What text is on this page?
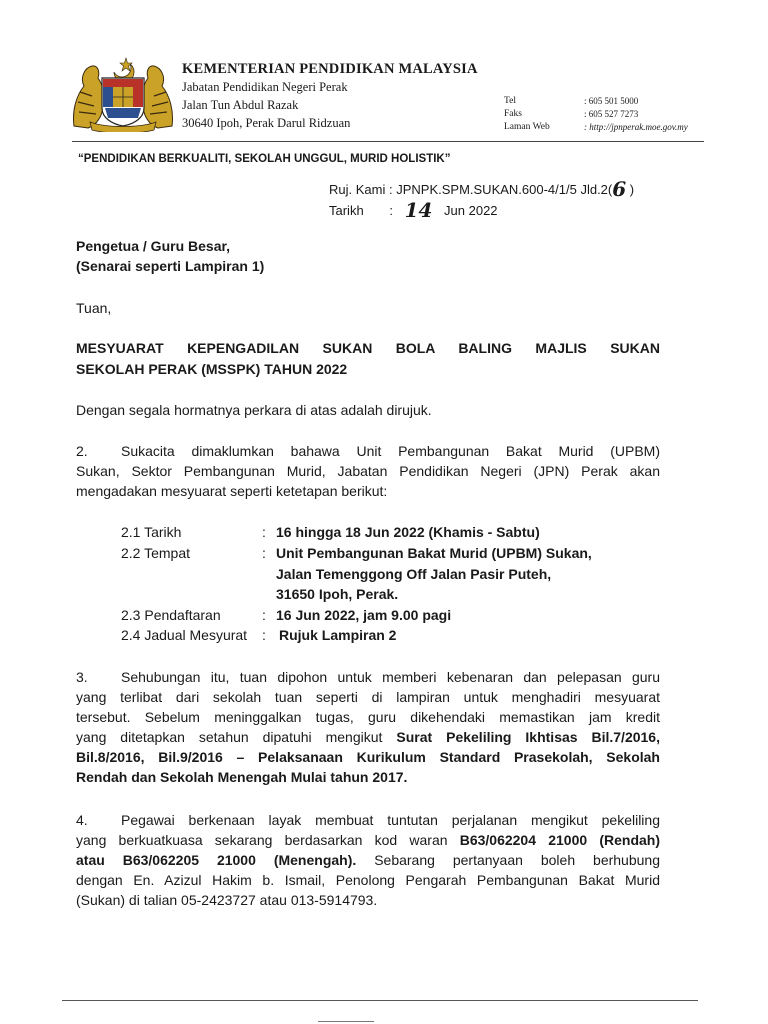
KEMENTERIAN PENDIDIKAN MALAYSIA
Jabatan Pendidikan Negeri Perak
Jalan Tun Abdul Razak
30640 Ipoh, Perak Darul Ridzuan
Tel	: 605 501 5000
Faks	: 605 527 7273
Laman Web	: http://jpnperak.moe.gov.my
“PENDIDIKAN BERKUALITI, SEKOLAH UNGGUL, MURID HOLISTIK”
Ruj. Kami : JPNPK.SPM.SUKAN.600-4/1/5 Jld.2(6 )
Tarikh : 14 Jun 2022
Pengetua / Guru Besar,
(Senarai seperti Lampiran 1)
Tuan,
MESYUARAT KEPENGADILAN SUKAN BOLA BALING MAJLIS SUKAN
SEKOLAH PERAK (MSSPK) TAHUN 2022
Dengan segala hormatnya perkara di atas adalah dirujuk.
2.	Sukacita dimaklumkan bahawa Unit Pembangunan Bakat Murid (UPBM)
Sukan, Sektor Pembangunan Murid, Jabatan Pendidikan Negeri (JPN) Perak akan
mengadakan mesyuarat seperti ketetapan berikut:
2.1 Tarikh	: 16 hingga 18 Jun 2022 (Khamis - Sabtu)
2.2 Tempat	: Unit Pembangunan Bakat Murid (UPBM) Sukan,
Jalan Temenggong Off Jalan Pasir Puteh,
31650 Ipoh, Perak.
2.3 Pendaftaran	: 16 Jun 2022, jam 9.00 pagi
2.4 Jadual Mesyurat : Rujuk Lampiran 2
3.	Sehubungan itu, tuan dipohon untuk memberi kebenaran dan pelepasan guru
yang terlibat dari sekolah tuan seperti di lampiran untuk menghadiri mesyuarat
tersebut. Sebelum meninggalkan tugas, guru dikehendaki memastikan jam kredit
yang ditetapkan setahun dipatuhi mengikut Surat Pekeliling Ikhtisas Bil.7/2016,
Bil.8/2016, Bil.9/2016 – Pelaksanaan Kurikulum Standard Prasekolah, Sekolah
Rendah dan Sekolah Menengah Mulai tahun 2017.
4.	Pegawai berkenaan layak membuat tuntutan perjalanan mengikut pekeliling
yang berkuatkuasa sekarang berdasarkan kod waran B63/062204 21000 (Rendah)
atau B63/062205 21000 (Menengah). Sebarang pertanyaan boleh berhubung
dengan En. Azizul Hakim b. Ismail, Penolong Pengarah Pembangunan Bakat Murid
(Sukan) di talian 05-2423727 atau 013-5914793.
